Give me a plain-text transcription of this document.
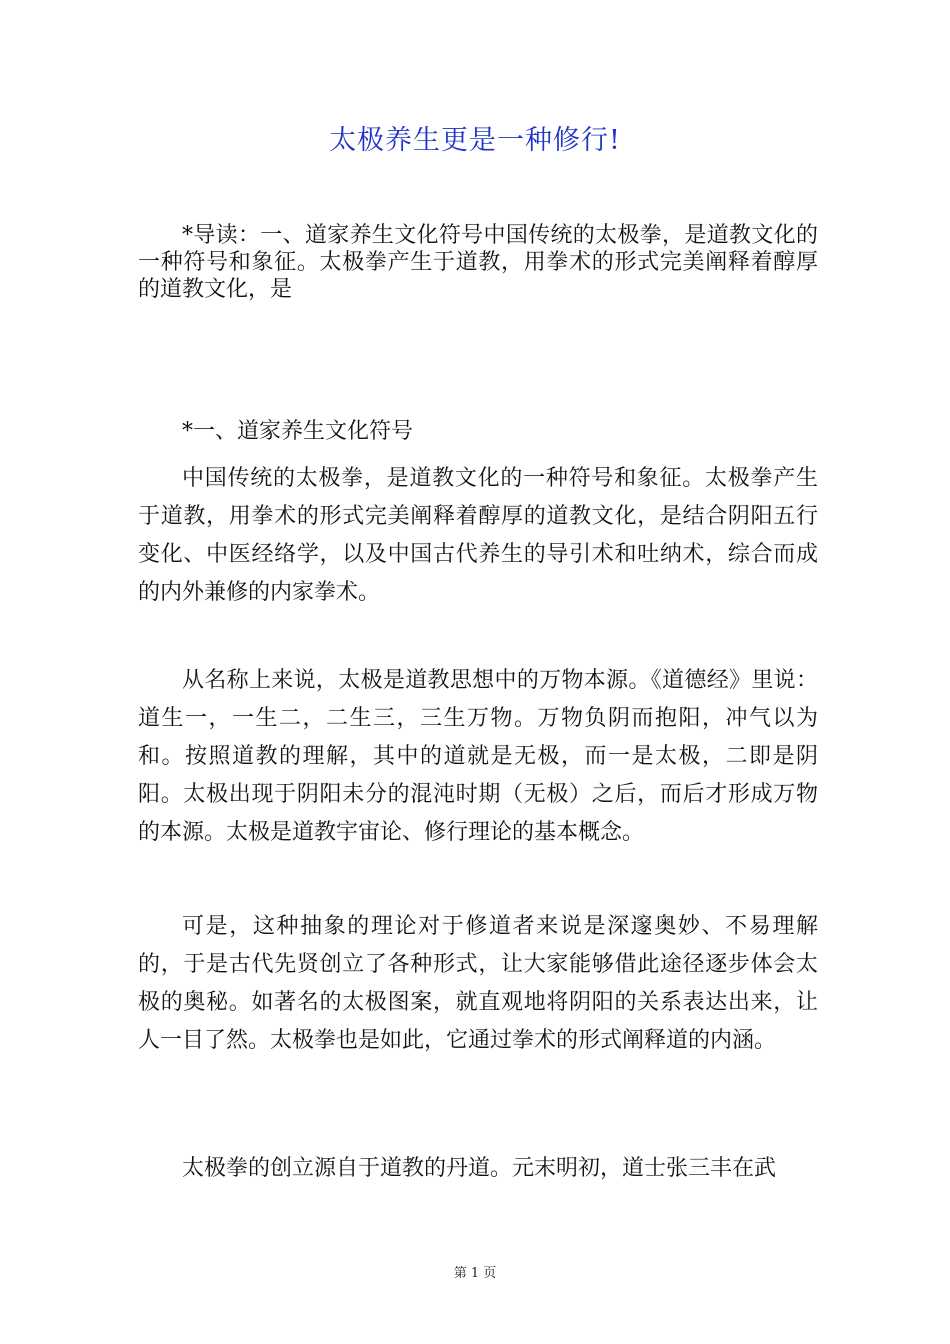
太极养生更是一种修行!

*导读：一、道家养生文化符号中国传统的太极拳，是道教文化的一种符号和象征。太极拳产生于道教，用拳术的形式完美阐释着醇厚的道教文化，是

*一、道家养生文化符号

中国传统的太极拳，是道教文化的一种符号和象征。太极拳产生于道教，用拳术的形式完美阐释着醇厚的道教文化，是结合阴阳五行变化、中医经络学，以及中国古代养生的导引术和吐纳术，综合而成的内外兼修的内家拳术。

从名称上来说，太极是道教思想中的万物本源。《道德经》里说：道生一，一生二，二生三，三生万物。万物负阴而抱阳，冲气以为和。按照道教的理解，其中的道就是无极，而一是太极，二即是阴阳。太极出现于阴阳未分的混沌时期（无极）之后，而后才形成万物的本源。太极是道教宇宙论、修行理论的基本概念。

可是，这种抽象的理论对于修道者来说是深邃奥妙、不易理解的，于是古代先贤创立了各种形式，让大家能够借此途径逐步体会太极的奥秘。如著名的太极图案，就直观地将阴阳的关系表达出来，让人一目了然。太极拳也是如此，它通过拳术的形式阐释道的内涵。

太极拳的创立源自于道教的丹道。元末明初，道士张三丰在武

第 1 页
